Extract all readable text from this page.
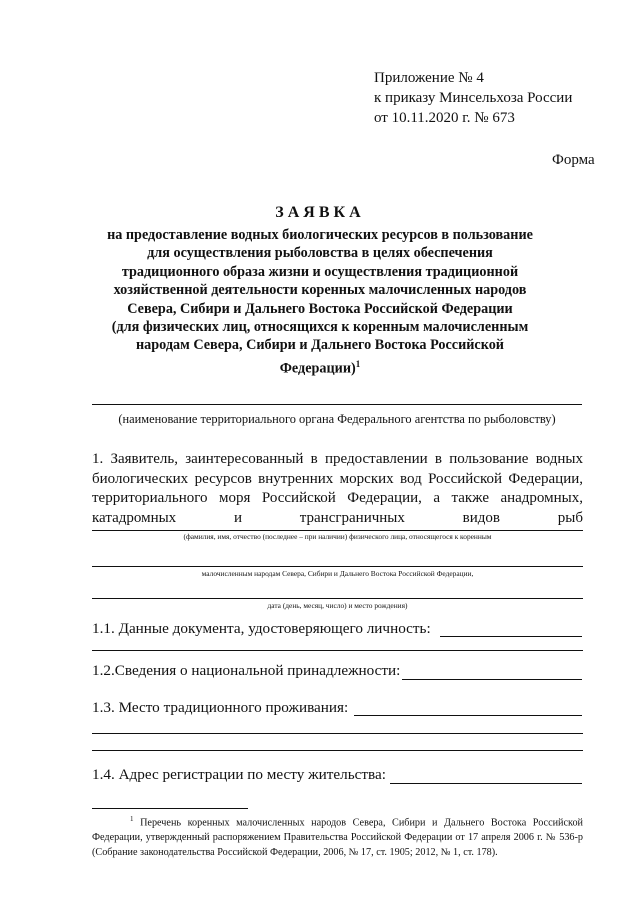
Приложение № 4
к приказу Минсельхоза России
от 10.11.2020 г. № 673
Форма
ЗАЯВКА
на предоставление водных биологических ресурсов в пользование
для осуществления рыболовства в целях обеспечения
традиционного образа жизни и осуществления традиционной
хозяйственной деятельности коренных малочисленных народов
Севера, Сибири и Дальнего Востока Российской Федерации
(для физических лиц, относящихся к коренным малочисленным
народам Севера, Сибири и Дальнего Востока Российской
Федерации)$^1$
(наименование территориального органа Федерального агентства по рыболовству)
1. Заявитель, заинтересованный в предоставлении в пользование водных биологических ресурсов внутренних морских вод Российской Федерации, территориального моря Российской Федерации, а также анадромных, катадромных и трансграничных видов рыб
(фамилия, имя, отчество (последнее – при наличии) физического лица, относящегося к коренным
малочисленным народам Севера, Сибири и Дальнего Востока Российской Федерации,
дата (день, месяц, число) и место рождения)
1.1. Данные документа, удостоверяющего личность:
1.2.Сведения о национальной принадлежности:
1.3. Место традиционного проживания:
1.4. Адрес регистрации по месту жительства:
$^1$ Перечень коренных малочисленных народов Севера, Сибири и Дальнего Востока Российской Федерации, утвержденный распоряжением Правительства Российской Федерации от 17 апреля 2006 г. № 536-р (Собрание законодательства Российской Федерации, 2006, № 17, ст. 1905; 2012, № 1, ст. 178).
